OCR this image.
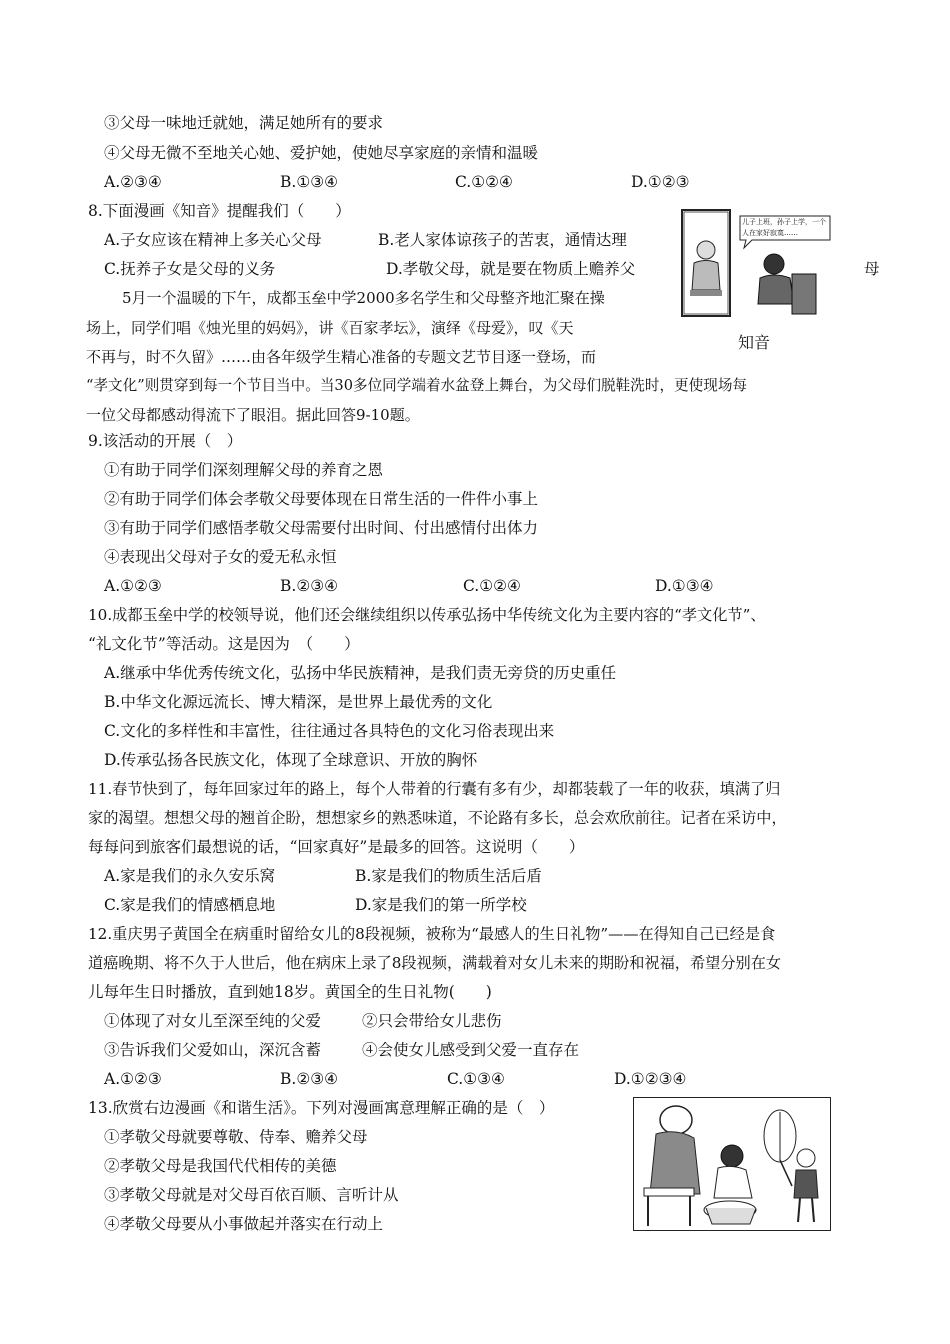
③父母一味地迁就她，满足她所有的要求
④父母无微不至地关心她、爱护她，使她尽享家庭的亲情和温暖
A.②③④	B.①③④	C.①②④	D.①②③
8.下面漫画《知音》提醒我们（　　）
A.子女应该在精神上多关心父母	B.老人家体谅孩子的苦衷，通情达理
C.抚养子女是父母的义务	D.孝敬父母，就是要在物质上赡养父	母
儿子上班，孙子上学，一个人在家好寂寞……
知音
5月一个温暖的下午，成都玉垒中学2000多名学生和父母整齐地汇聚在操
场上，同学们唱《烛光里的妈妈》，讲《百家孝坛》，演绎《母爱》，叹《天
不再与，时不久留》……由各年级学生精心准备的专题文艺节目逐一登场，而
“孝文化”则贯穿到每一个节目当中。当30多位同学端着水盆登上舞台，为父母们脱鞋洗时，更使现场每
一位父母都感动得流下了眼泪。据此回答9-10题。
9.该活动的开展（　）
①有助于同学们深刻理解父母的养育之恩
②有助于同学们体会孝敬父母要体现在日常生活的一件件小事上
③有助于同学们感悟孝敬父母需要付出时间、付出感情付出体力
④表现出父母对子女的爱无私永恒
A.①②③	B.②③④	C.①②④	D.①③④
10.成都玉垒中学的校领导说，他们还会继续组织以传承弘扬中华传统文化为主要内容的“孝文化节”、
“礼文化节”等活动。这是因为　（　　）
A.继承中华优秀传统文化，弘扬中华民族精神，是我们责无旁贷的历史重任
B.中华文化源远流长、博大精深，是世界上最优秀的文化
C.文化的多样性和丰富性，往往通过各具特色的文化习俗表现出来
D.传承弘扬各民族文化，体现了全球意识、开放的胸怀
11.春节快到了，每年回家过年的路上，每个人带着的行囊有多有少，却都装载了一年的收获，填满了归
家的渴望。想想父母的翘首企盼，想想家乡的熟悉味道，不论路有多长，总会欢欣前往。记者在采访中，
每每问到旅客们最想说的话，“回家真好”是最多的回答。这说明（　　）
A.家是我们的永久安乐窝	B.家是我们的物质生活后盾
C.家是我们的情感栖息地	D.家是我们的第一所学校
12.重庆男子黄国全在病重时留给女儿的8段视频，被称为“最感人的生日礼物”——在得知自己已经是食
道癌晚期、将不久于人世后，他在病床上录了8段视频，满载着对女儿未来的期盼和祝福，希望分别在女
儿每年生日时播放，直到她18岁。黄国全的生日礼物(　　)
①体现了对女儿至深至纯的父爱	②只会带给女儿悲伤
③告诉我们父爱如山，深沉含蓄	④会使女儿感受到父爱一直存在
A.①②③	B.②③④	C.①③④	D.①②③④
13.欣赏右边漫画《和谐生活》。下列对漫画寓意理解正确的是（　）
①孝敬父母就要尊敬、侍奉、赡养父母
②孝敬父母是我国代代相传的美德
③孝敬父母就是对父母百依百顺、言听计从
④孝敬父母要从小事做起并落实在行动上
